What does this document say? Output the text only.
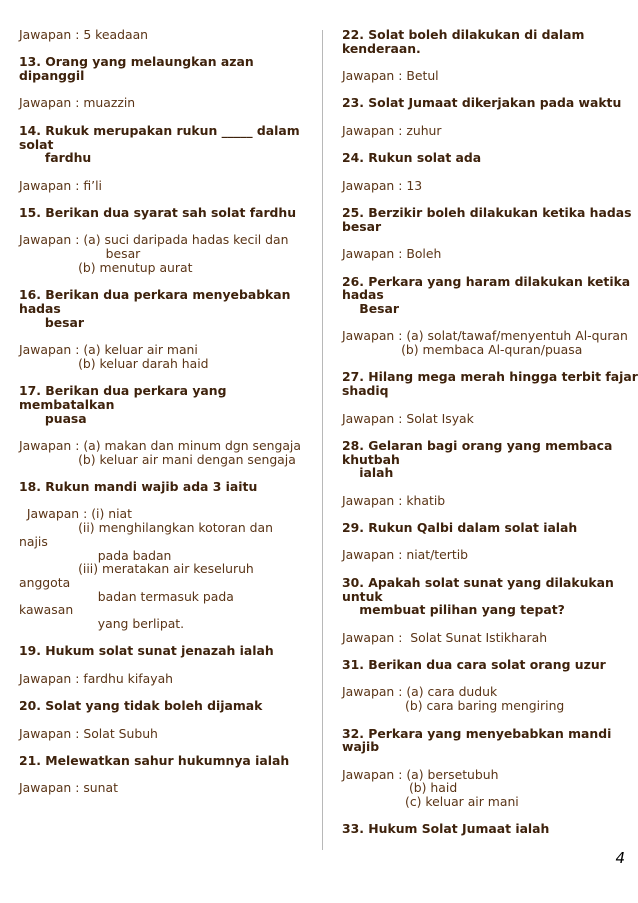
Jawapan : 5 keadaan
13. Orang yang melaungkan azan
dipanggil
Jawapan : muazzin
14. Rukuk merupakan rukun _____ dalam
solat
fardhu
Jawapan : fi’li
15. Berikan dua syarat sah solat fardhu
Jawapan : (a) suci daripada hadas kecil dan
besar
(b) menutup aurat
16. Berikan dua perkara menyebabkan
hadas
besar
Jawapan : (a) keluar air mani
(b) keluar darah haid
17. Berikan dua perkara yang
membatalkan
puasa
Jawapan : (a) makan dan minum dgn sengaja
(b) keluar air mani dengan sengaja
18. Rukun mandi wajib ada 3 iaitu
Jawapan : (i) niat
(ii) menghilangkan kotoran dan
najis
pada badan
(iii) meratakan air keseluruh
anggota
badan termasuk pada
kawasan
yang berlipat.
19. Hukum solat sunat jenazah ialah
Jawapan : fardhu kifayah
20. Solat yang tidak boleh dijamak
Jawapan : Solat Subuh
21. Melewatkan sahur hukumnya ialah
Jawapan : sunat
22. Solat boleh dilakukan di dalam
kenderaan.
Jawapan : Betul
23. Solat Jumaat dikerjakan pada waktu
Jawapan : zuhur
24. Rukun solat ada
Jawapan : 13
25. Berzikir boleh dilakukan ketika hadas
besar
Jawapan : Boleh
26. Perkara yang haram dilakukan ketika
hadas
Besar
Jawapan : (a) solat/tawaf/menyentuh Al-quran
(b) membaca Al-quran/puasa
27. Hilang mega merah hingga terbit fajar
shadiq
Jawapan : Solat Isyak
28. Gelaran bagi orang yang membaca
khutbah
ialah
Jawapan : khatib
29. Rukun Qalbi dalam solat ialah
Jawapan : niat/tertib
30. Apakah solat sunat yang dilakukan
untuk
membuat pilihan yang tepat?
Jawapan :  Solat Sunat Istikharah
31. Berikan dua cara solat orang uzur
Jawapan : (a) cara duduk
(b) cara baring mengiring
32. Perkara yang menyebabkan mandi
wajib
Jawapan : (a) bersetubuh
(b) haid
(c) keluar air mani
33. Hukum Solat Jumaat ialah
4
